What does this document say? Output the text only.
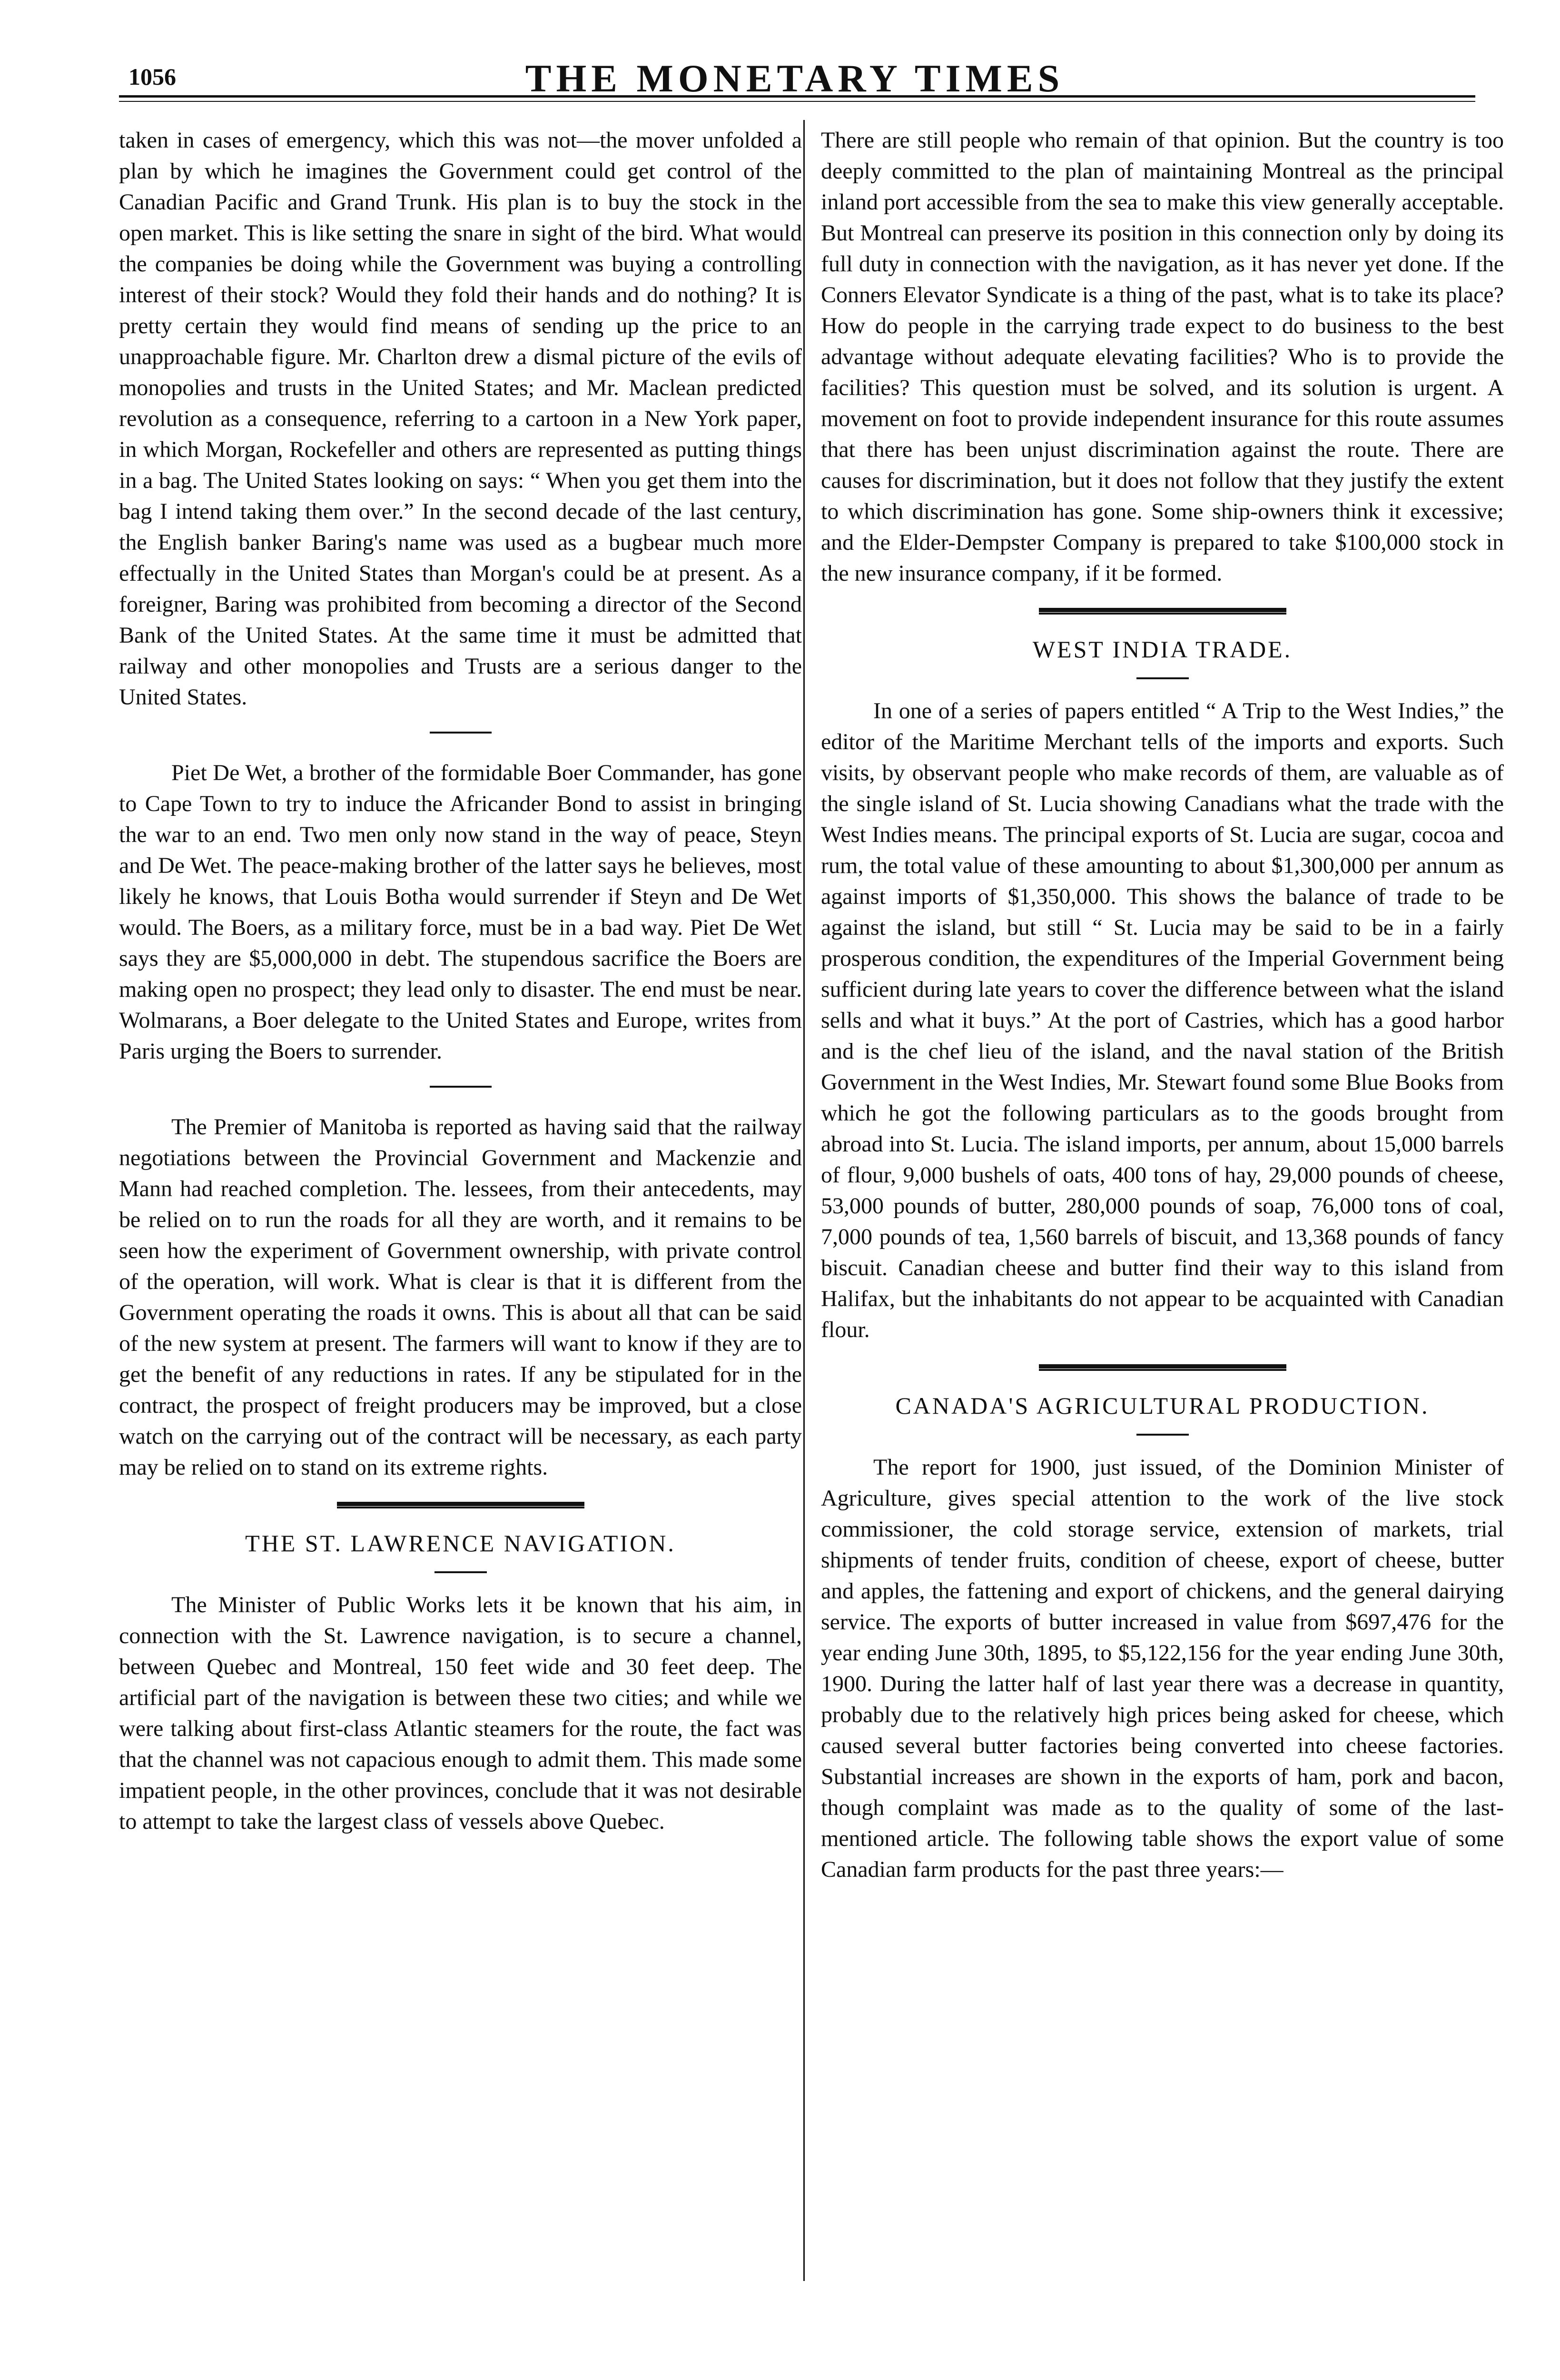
1056	THE MONETARY TIMES

taken in cases of emergency, which this was not—the mover unfolded a plan by which he imagines the Government could get control of the Canadian Pacific and Grand Trunk. His plan is to buy the stock in the open market. This is like setting the snare in sight of the bird. What would the companies be doing while the Government was buying a controlling interest of their stock? Would they fold their hands and do nothing? It is pretty certain they would find means of sending up the price to an unapproachable figure. Mr. Charlton drew a dismal picture of the evils of monopolies and trusts in the United States; and Mr. Maclean predicted revolution as a consequence, referring to a cartoon in a New York paper, in which Morgan, Rockefeller and others are represented as putting things in a bag. The United States looking on says: “ When you get them into the bag I intend taking them over.” In the second decade of the last century, the English banker Baring's name was used as a bugbear much more effectually in the United States than Morgan's could be at present. As a foreigner, Baring was prohibited from becoming a director of the Second Bank of the United States. At the same time it must be admitted that railway and other monopolies and Trusts are a serious danger to the United States.

Piet De Wet, a brother of the formidable Boer Commander, has gone to Cape Town to try to induce the Africander Bond to assist in bringing the war to an end. Two men only now stand in the way of peace, Steyn and De Wet. The peace-making brother of the latter says he believes, most likely he knows, that Louis Botha would surrender if Steyn and De Wet would. The Boers, as a military force, must be in a bad way. Piet De Wet says they are $5,000,000 in debt. The stupendous sacrifice the Boers are making open no prospect; they lead only to disaster. The end must be near. Wolmarans, a Boer delegate to the United States and Europe, writes from Paris urging the Boers to surrender.

The Premier of Manitoba is reported as having said that the railway negotiations between the Provincial Government and Mackenzie and Mann had reached completion. The. lessees, from their antecedents, may be relied on to run the roads for all they are worth, and it remains to be seen how the experiment of Government ownership, with private control of the operation, will work. What is clear is that it is different from the Government operating the roads it owns. This is about all that can be said of the new system at present. The farmers will want to know if they are to get the benefit of any reductions in rates. If any be stipulated for in the contract, the prospect of freight producers may be improved, but a close watch on the carrying out of the contract will be necessary, as each party may be relied on to stand on its extreme rights.

THE ST. LAWRENCE NAVIGATION.

The Minister of Public Works lets it be known that his aim, in connection with the St. Lawrence navigation, is to secure a channel, between Quebec and Montreal, 150 feet wide and 30 feet deep. The artificial part of the navigation is between these two cities; and while we were talking about first-class Atlantic steamers for the route, the fact was that the channel was not capacious enough to admit them. This made some impatient people, in the other provinces, conclude that it was not desirable to attempt to take the largest class of vessels above Quebec.

There are still people who remain of that opinion. But the country is too deeply committed to the plan of maintaining Montreal as the principal inland port accessible from the sea to make this view generally acceptable. But Montreal can preserve its position in this connection only by doing its full duty in connection with the navigation, as it has never yet done. If the Conners Elevator Syndicate is a thing of the past, what is to take its place? How do people in the carrying trade expect to do business to the best advantage without adequate elevating facilities? Who is to provide the facilities? This question must be solved, and its solution is urgent. A movement on foot to provide independent insurance for this route assumes that there has been unjust discrimination against the route. There are causes for discrimination, but it does not follow that they justify the extent to which discrimination has gone. Some ship-owners think it excessive; and the Elder-Dempster Company is prepared to take $100,000 stock in the new insurance company, if it be formed.

WEST INDIA TRADE.

In one of a series of papers entitled “ A Trip to the West Indies,” the editor of the Maritime Merchant tells of the imports and exports. Such visits, by observant people who make records of them, are valuable as of the single island of St. Lucia showing Canadians what the trade with the West Indies means. The principal exports of St. Lucia are sugar, cocoa and rum, the total value of these amounting to about $1,300,000 per annum as against imports of $1,350,000. This shows the balance of trade to be against the island, but still “ St. Lucia may be said to be in a fairly prosperous condition, the expenditures of the Imperial Government being sufficient during late years to cover the difference between what the island sells and what it buys.” At the port of Castries, which has a good harbor and is the chef lieu of the island, and the naval station of the British Government in the West Indies, Mr. Stewart found some Blue Books from which he got the following particulars as to the goods brought from abroad into St. Lucia. The island imports, per annum, about 15,000 barrels of flour, 9,000 bushels of oats, 400 tons of hay, 29,000 pounds of cheese, 53,000 pounds of butter, 280,000 pounds of soap, 76,000 tons of coal, 7,000 pounds of tea, 1,560 barrels of biscuit, and 13,368 pounds of fancy biscuit. Canadian cheese and butter find their way to this island from Halifax, but the inhabitants do not appear to be acquainted with Canadian flour.

CANADA'S AGRICULTURAL PRODUCTION.

The report for 1900, just issued, of the Dominion Minister of Agriculture, gives special attention to the work of the live stock commissioner, the cold storage service, extension of markets, trial shipments of tender fruits, condition of cheese, export of cheese, butter and apples, the fattening and export of chickens, and the general dairying service. The exports of butter increased in value from $697,476 for the year ending June 30th, 1895, to $5,122,156 for the year ending June 30th, 1900. During the latter half of last year there was a decrease in quantity, probably due to the relatively high prices being asked for cheese, which caused several butter factories being converted into cheese factories. Substantial increases are shown in the exports of ham, pork and bacon, though complaint was made as to the quality of some of the last-mentioned article. The following table shows the export value of some Canadian farm products for the past three years:—
